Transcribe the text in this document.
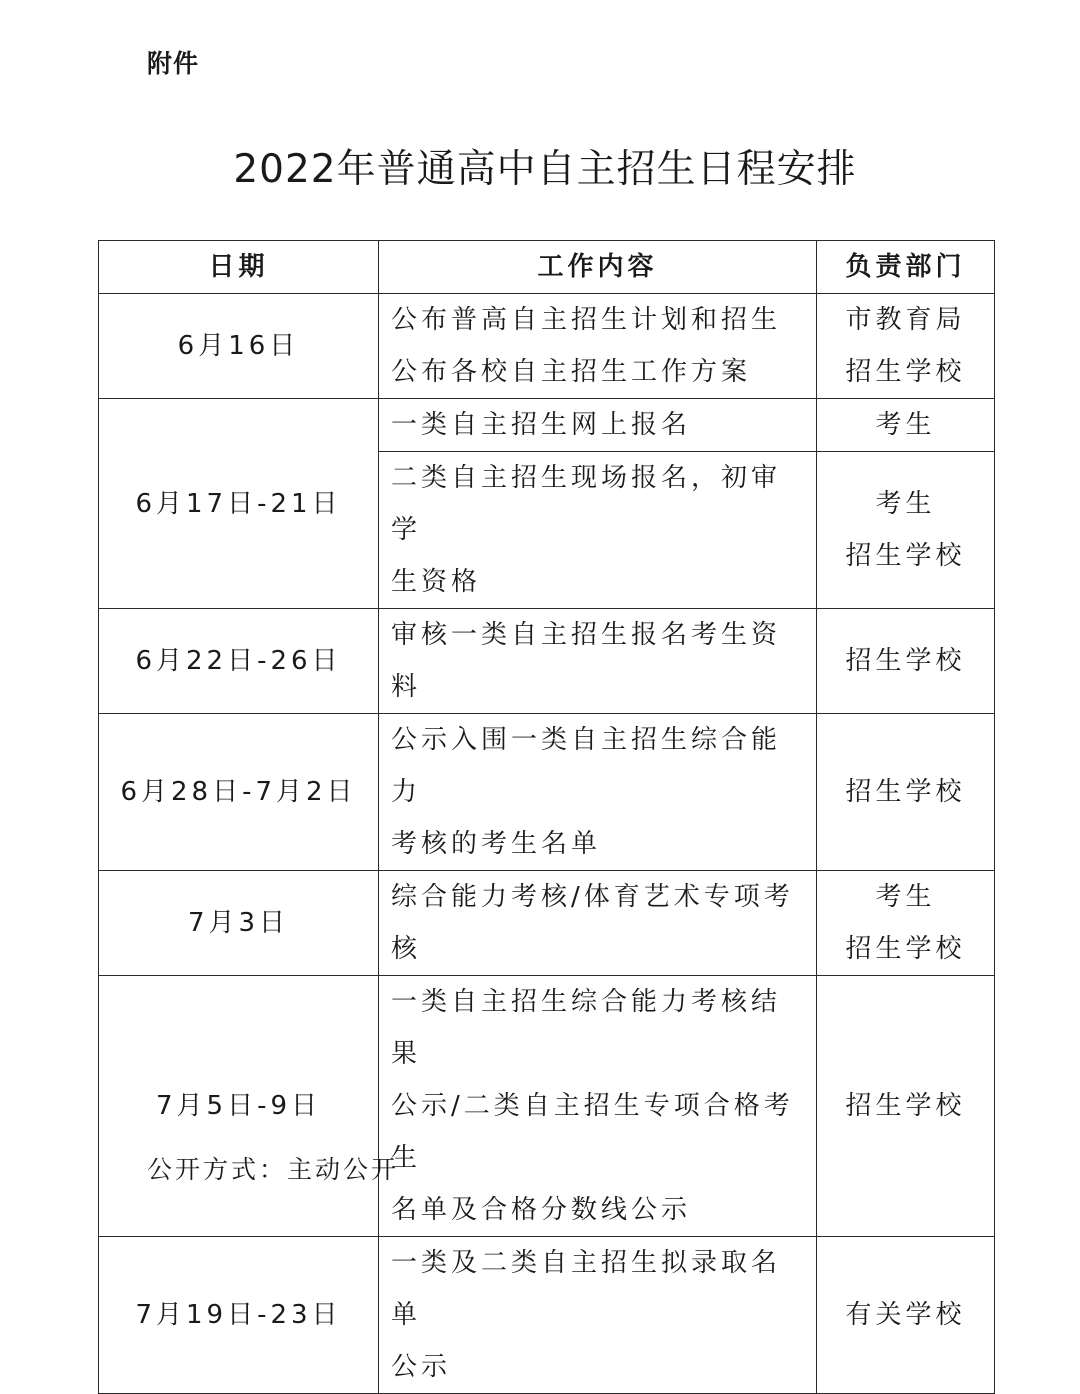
附件
2022年普通高中自主招生日程安排
日期	工作内容	负责部门
6月16日	公布普高自主招生计划和招生
公布各校自主招生工作方案	市教育局
招生学校

6月17日-21日	一类自主招生网上报名	考生

	二类自主招生现场报名，初审学
生资格	考生
招生学校

6月22日-26日	审核一类自主招生报名考生资料	招生学校

6月28日-7月2日	公示入围一类自主招生综合能力
考核的考生名单	招生学校

7月3日	综合能力考核/体育艺术专项考核	考生
招生学校

7月5日-9日	一类自主招生综合能力考核结果
公示/二类自主招生专项合格考生
名单及合格分数线公示	招生学校

7月19日-23日	一类及二类自主招生拟录取名单
公示	有关学校
公开方式：主动公开
